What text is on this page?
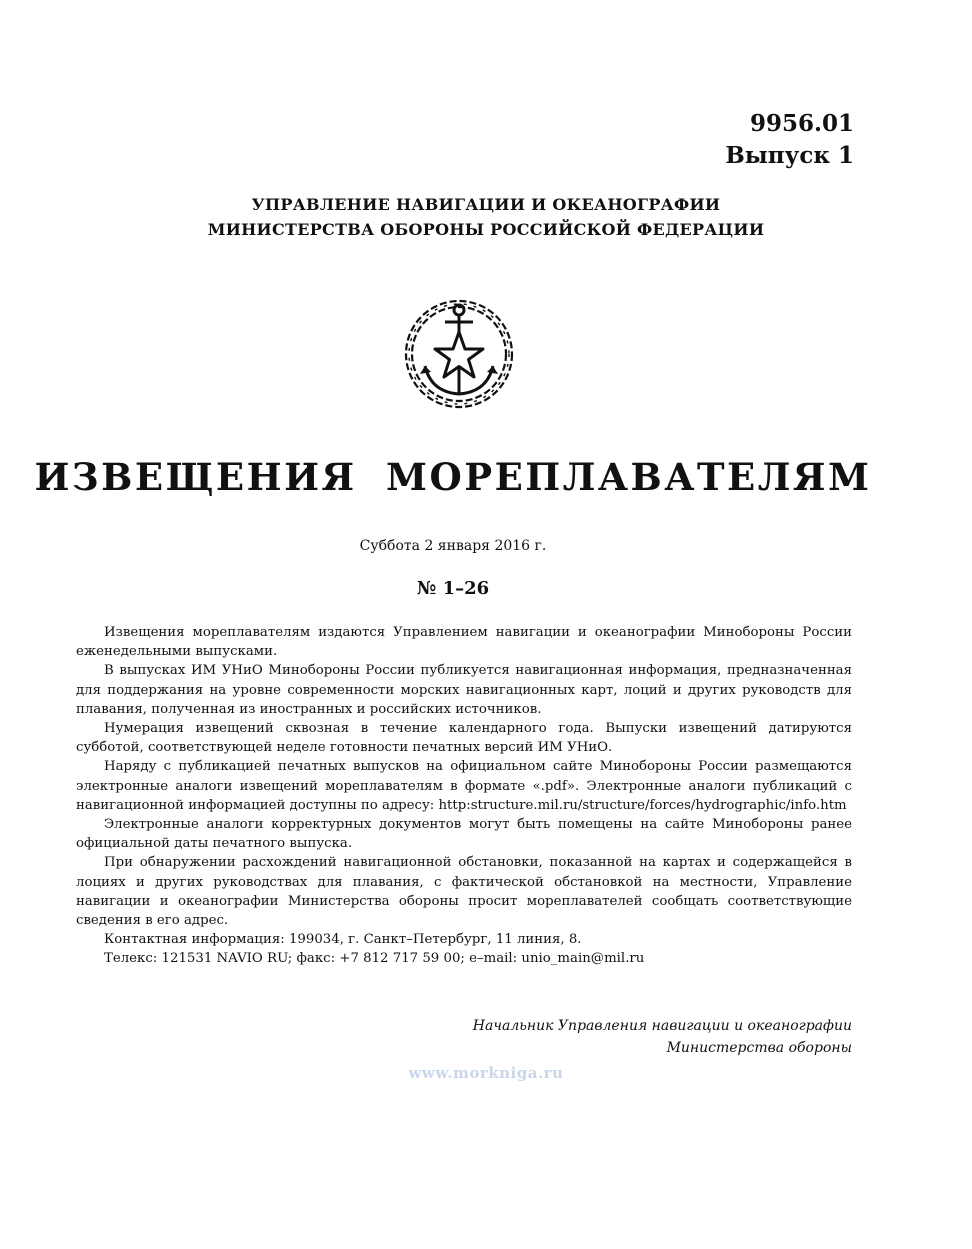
9956.01
Выпуск 1
УПРАВЛЕНИЕ НАВИГАЦИИ И ОКЕАНОГРАФИИ
МИНИСТЕРСТВА ОБОРОНЫ РОССИЙСКОЙ ФЕДЕРАЦИИ
ИЗВЕЩЕНИЯ МОРЕПЛАВАТЕЛЯМ
Суббота 2 января 2016 г.
№ 1–26

Извещения мореплавателям издаются Управлением навигации и океанографии Минобороны России еженедельными выпусками.

В выпусках ИМ УНиО Минобороны России публикуется навигационная информация, предназначенная для поддержания на уровне современности морских навигационных карт, лоций и других руководств для плавания, полученная из иностранных и российских источников.

Нумерация извещений сквозная в течение календарного года. Выпуски извещений датируются субботой, соответствующей неделе готовности печатных версий ИМ УНиО.

Наряду с публикацией печатных выпусков на официальном сайте Минобороны России размещаются электронные аналоги извещений мореплавателям в формате «.pdf». Электронные аналоги публикаций с навигационной информацией доступны по адресу: http:structure.mil.ru/structure/forces/hydrographic/info.htm

Электронные аналоги корректурных документов могут быть помещены на сайте Минобороны ранее официальной даты печатного выпуска.

При обнаружении расхождений навигационной обстановки, показанной на картах и содержащейся в лоциях и других руководствах для плавания, с фактической обстановкой на местности, Управление навигации и океанографии Министерства обороны просит мореплавателей сообщать соответствующие сведения в его адрес.

Контактная информация: 199034, г. Санкт–Петербург, 11 линия, 8.

Телекс: 121531 NAVIO RU; факс: +7 812 717 59 00; e–mail: unio_main@mil.ru

Начальник Управления навигации и океанографии
Министерства обороны
www.morkniga.ru
